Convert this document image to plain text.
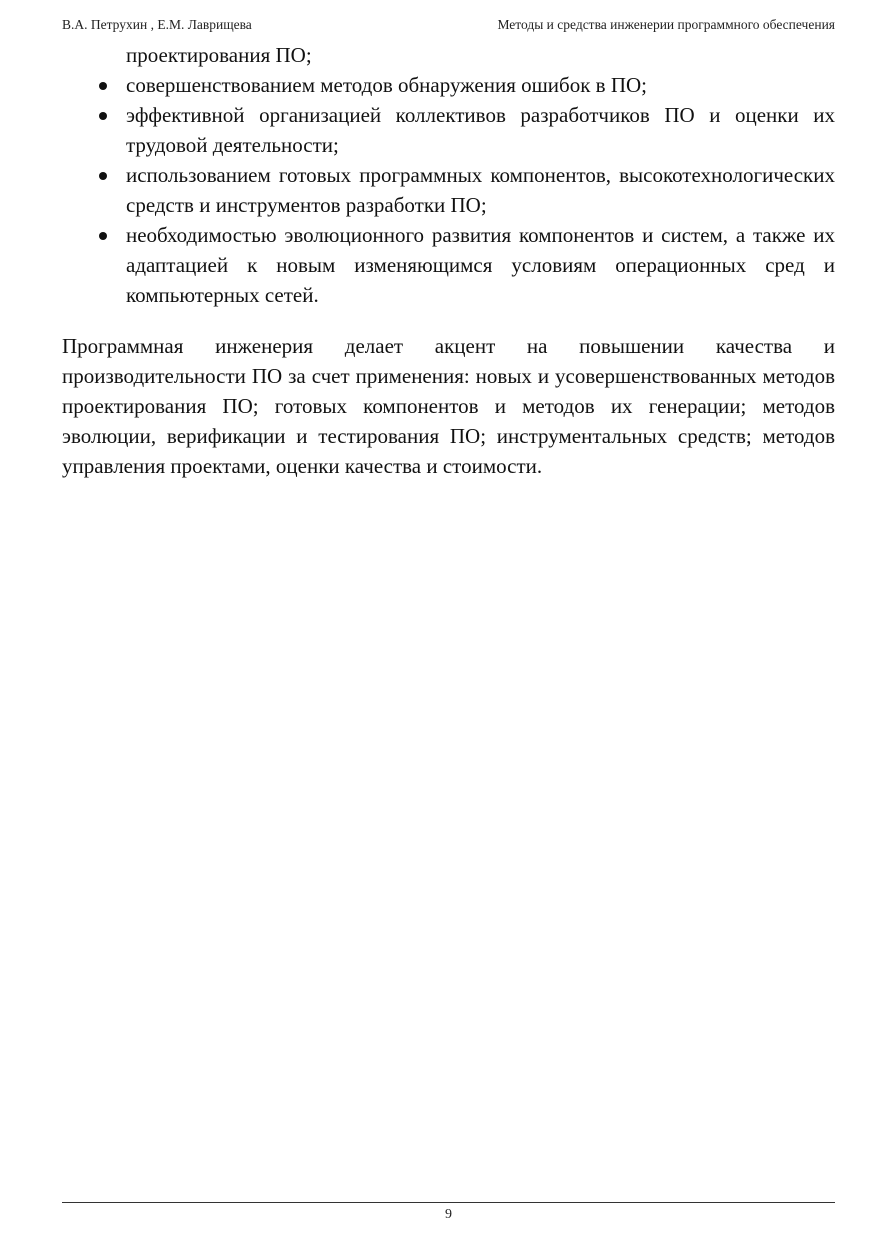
В.А. Петрухин , Е.М. Лаврищева	Методы и средства инженерии программного обеспечения

проектирования ПО;

совершенствованием методов обнаружения ошибок в ПО;
эффективной организацией коллективов разработчиков ПО и оценки их трудовой деятельности;
использованием готовых программных компонентов, высокотехнологических средств и инструментов разработки ПО;
необходимостью эволюционного развития компонентов и систем, а также их адаптацией к новым изменяющимся условиям операционных сред и компьютерных сетей.

Программная инженерия делает акцент на повышении качества и производительности ПО за счет применения: новых и усовершенствованных методов проектирования ПО; готовых компонентов и методов их генерации; методов эволюции, верификации и тестирования ПО; инструментальных средств; методов управления проектами, оценки качества и стоимости.

9
